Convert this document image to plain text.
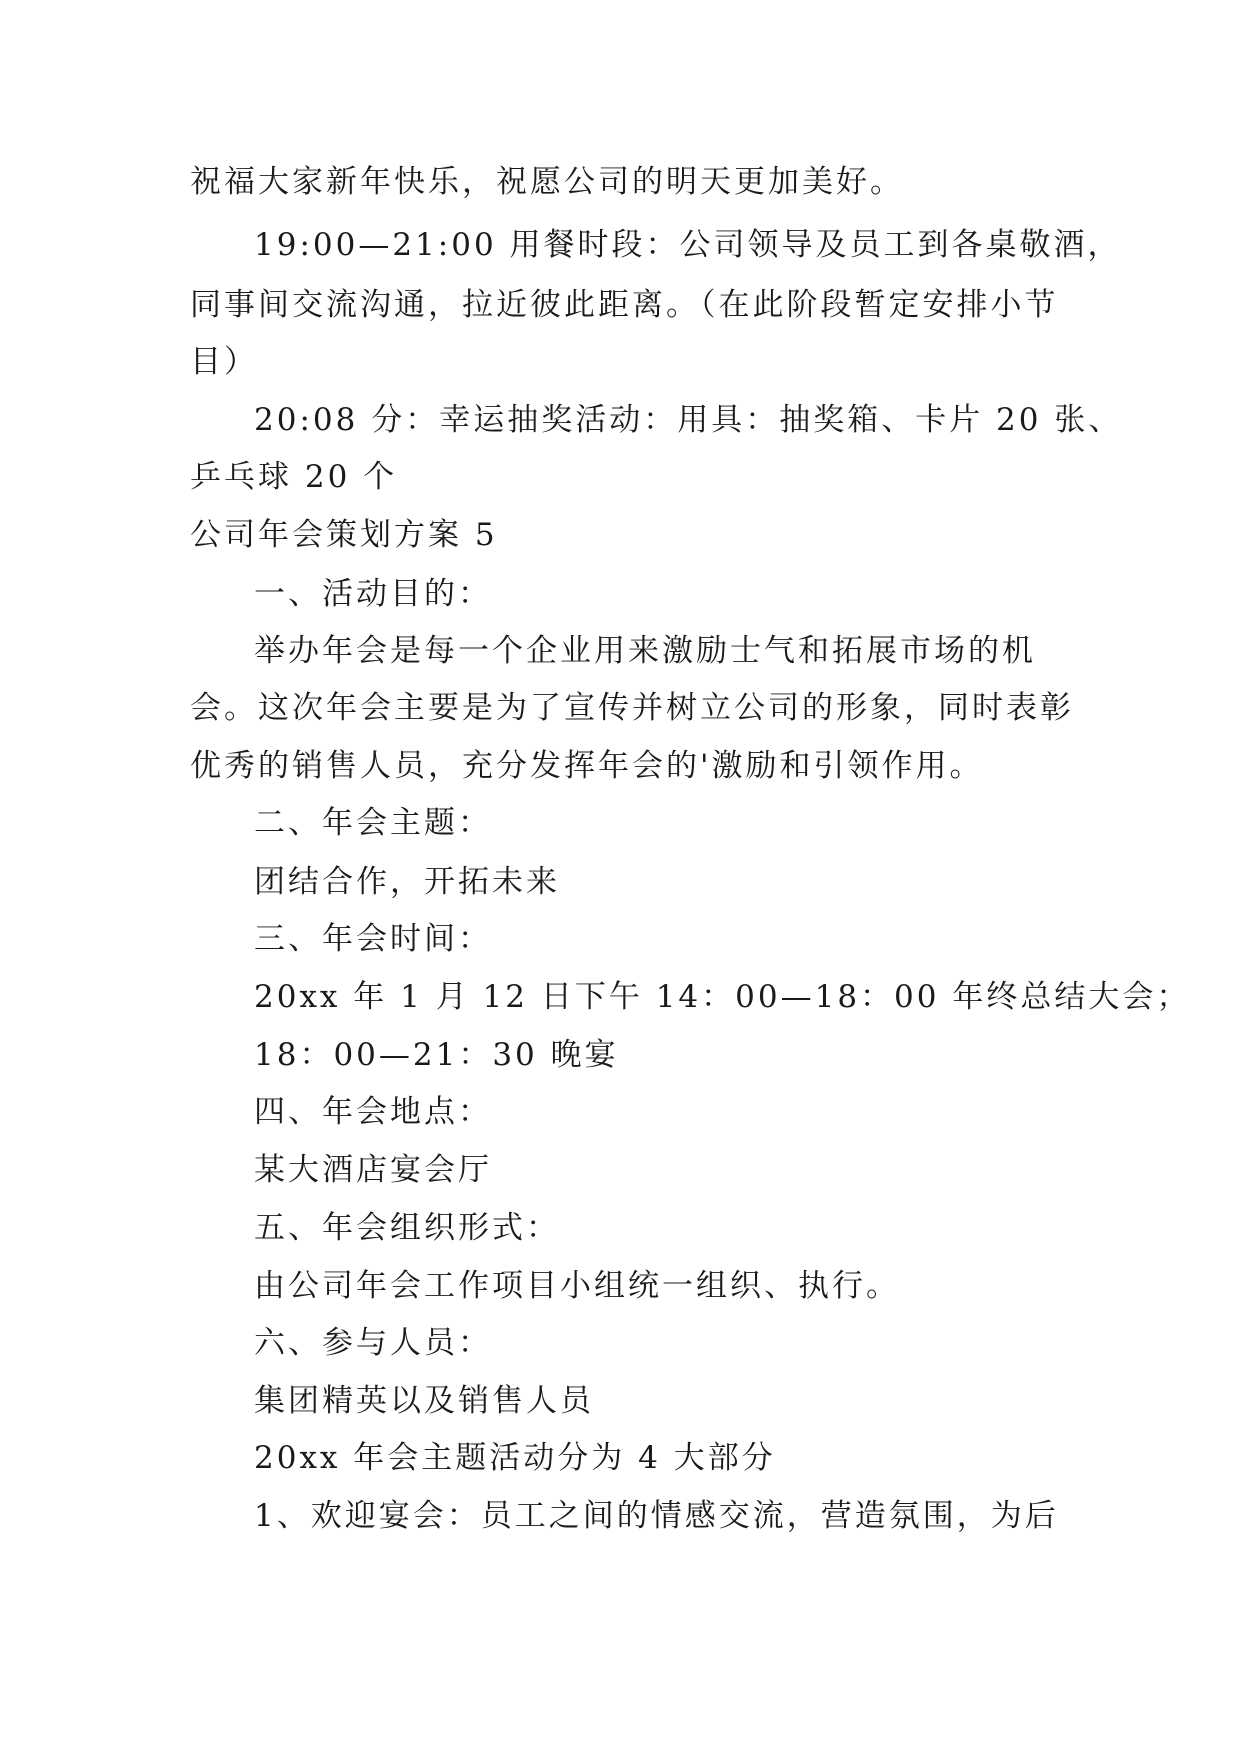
祝福大家新年快乐，祝愿公司的明天更加美好。
19:00—21:00 用餐时段：公司领导及员工到各桌敬酒，
同事间交流沟通，拉近彼此距离。（在此阶段暂定安排小节
目）
20:08 分：幸运抽奖活动：用具：抽奖箱、卡片 20 张、
乒乓球 20 个
公司年会策划方案 5
一、活动目的：
举办年会是每一个企业用来激励士气和拓展市场的机
会。这次年会主要是为了宣传并树立公司的形象，同时表彰
优秀的销售人员，充分发挥年会的'激励和引领作用。
二、年会主题：
团结合作，开拓未来
三、年会时间：
20xx 年 1 月 12 日下午 14：00—18：00 年终总结大会；
18：00—21：30 晚宴
四、年会地点：
某大酒店宴会厅
五、年会组织形式：
由公司年会工作项目小组统一组织、执行。
六、参与人员：
集团精英以及销售人员
20xx 年会主题活动分为 4 大部分
1、欢迎宴会：员工之间的情感交流，营造氛围，为后
